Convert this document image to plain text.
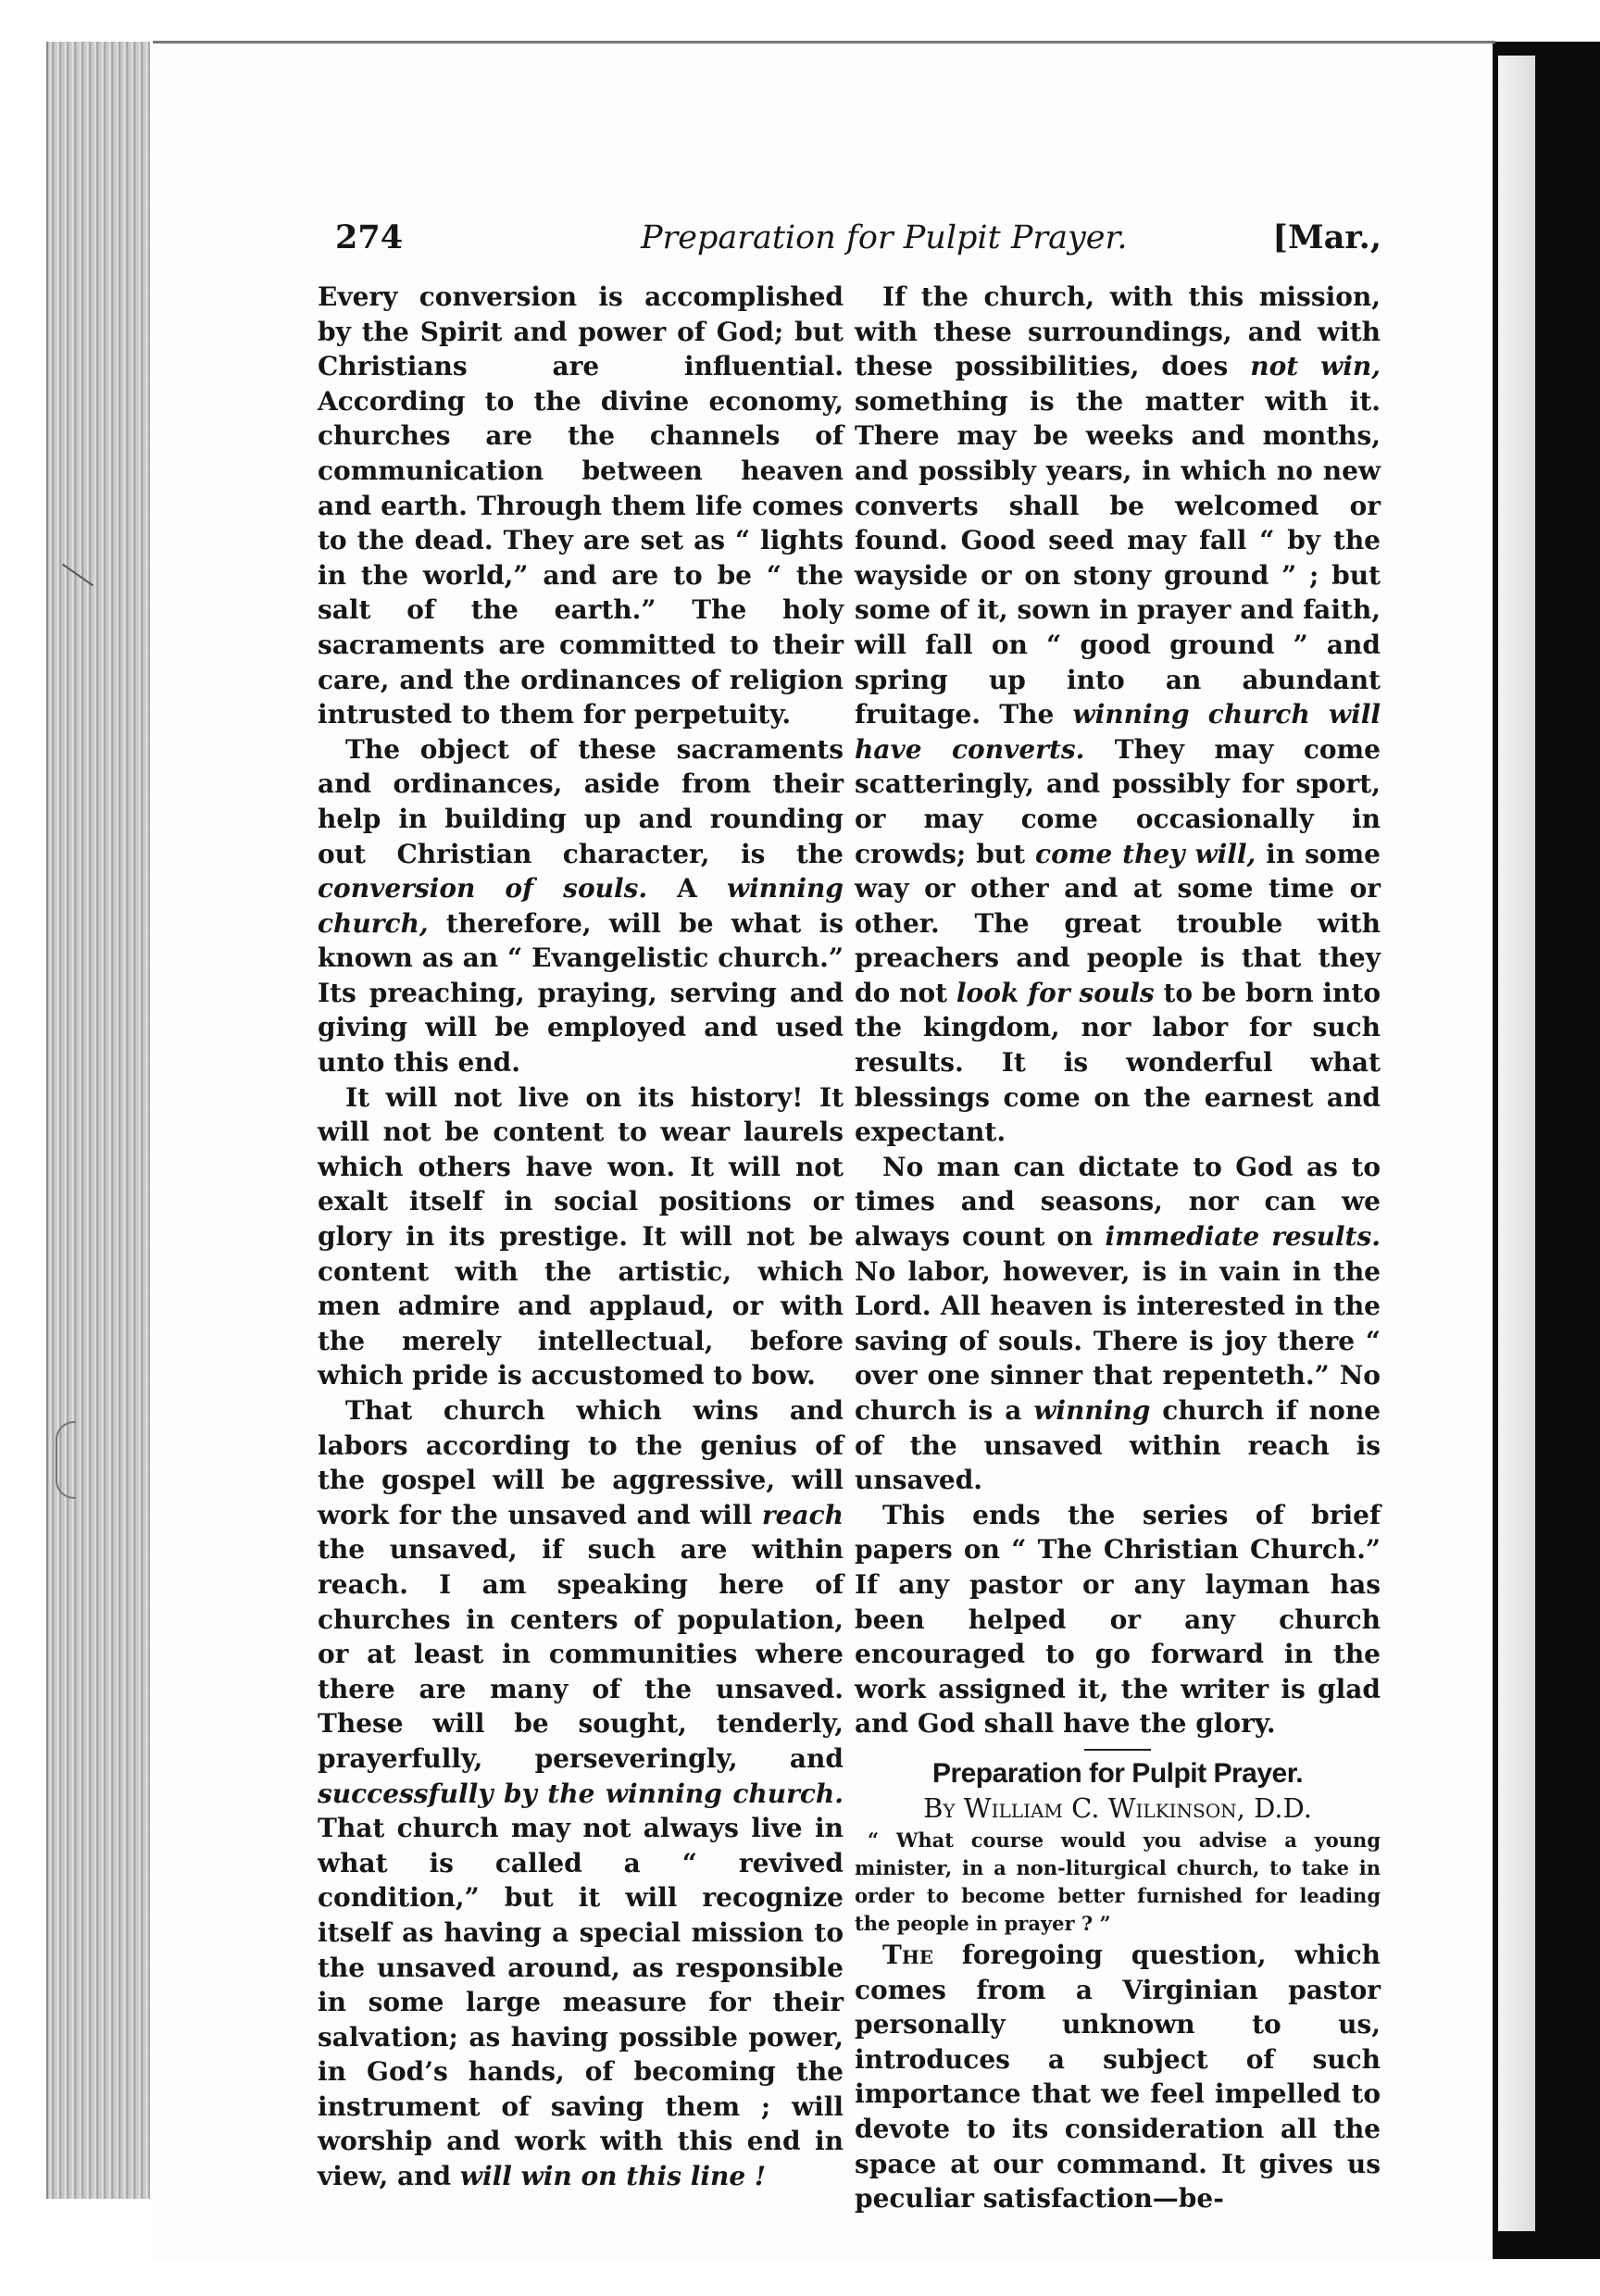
274	Preparation for Pulpit Prayer.	[Mar.,

Every conversion is accomplished by the Spirit and power of God; but Christians are influential. According to the divine economy, churches are the channels of communication between heaven and earth. Through them life comes to the dead. They are set as “ lights in the world,” and are to be “ the salt of the earth.” The holy sacraments are committed to their care, and the ordinances of religion intrusted to them for perpetuity.

The object of these sacraments and ordinances, aside from their help in building up and rounding out Christian character, is the conversion of souls. A winning church, therefore, will be what is known as an “ Evangelistic church.” Its preaching, praying, serving and giving will be employed and used unto this end.

It will not live on its history! It will not be content to wear laurels which others have won. It will not exalt itself in social positions or glory in its prestige. It will not be content with the artistic, which men admire and applaud, or with the merely intellectual, before which pride is accustomed to bow.

That church which wins and labors according to the genius of the gospel will be aggressive, will work for the unsaved and will reach the unsaved, if such are within reach. I am speaking here of churches in centers of population, or at least in communities where there are many of the unsaved. These will be sought, tenderly, prayerfully, perseveringly, and successfully by the winning church. That church may not always live in what is called a “ revived condition,” but it will recognize itself as having a special mission to the unsaved around, as responsible in some large measure for their salvation; as having possible power, in God’s hands, of becoming the instrument of saving them ; will worship and work with this end in view, and will win on this line !

If the church, with this mission, with these surroundings, and with these possibilities, does not win, something is the matter with it. There may be weeks and months, and possibly years, in which no new converts shall be welcomed or found. Good seed may fall “ by the wayside or on stony ground ” ; but some of it, sown in prayer and faith, will fall on “ good ground ” and spring up into an abundant fruitage. The winning church will have converts. They may come scatteringly, and possibly for sport, or may come occasionally in crowds; but come they will, in some way or other and at some time or other. The great trouble with preachers and people is that they do not look for souls to be born into the kingdom, nor labor for such results. It is wonderful what blessings come on the earnest and expectant.

No man can dictate to God as to times and seasons, nor can we always count on immediate results. No labor, however, is in vain in the Lord. All heaven is interested in the saving of souls. There is joy there “ over one sinner that repenteth.” No church is a winning church if none of the unsaved within reach is unsaved.

This ends the series of brief papers on “ The Christian Church.” If any pastor or any layman has been helped or any church encouraged to go forward in the work assigned it, the writer is glad and God shall have the glory.

Preparation for Pulpit Prayer.

By William C. Wilkinson, D.D.

“ What course would you advise a young minister, in a non-liturgical church, to take in order to become better furnished for leading the people in prayer ? ”

The foregoing question, which comes from a Virginian pastor personally unknown to us, introduces a subject of such importance that we feel impelled to devote to its consideration all the space at our command. It gives us peculiar satisfaction—be-
